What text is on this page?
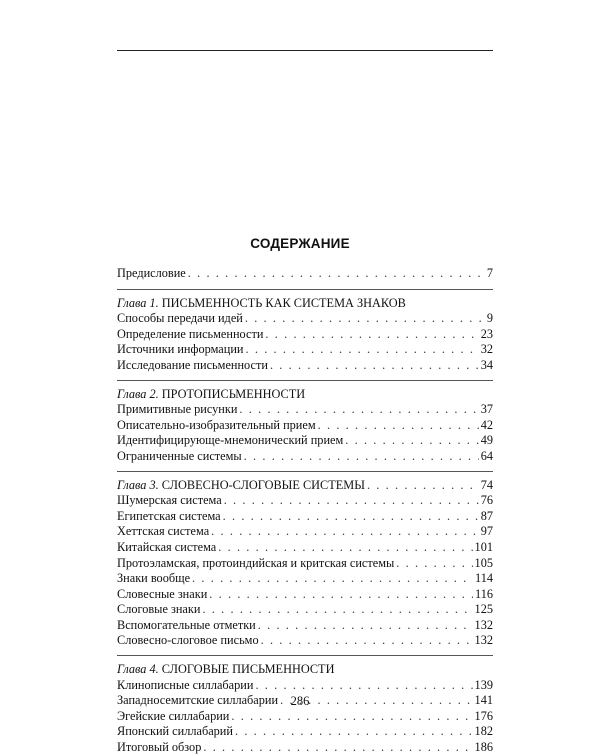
СОДЕРЖАНИЕ
Предисловие . . .	7
Глава 1. ПИСЬМЕННОСТЬ КАК СИСТЕМА ЗНАКОВ
Способы передачи идей . . .	9
Определение письменности . . .	23
Источники информации . . .	32
Исследование письменности . . .	34
Глава 2. ПРОТОПИСЬМЕННОСТИ
Примитивные рисунки . . .	37
Описательно-изобразительный прием . . .	42
Идентифицирующе-мнемонический прием . . .	49
Ограниченные системы . . .	64
Глава 3. СЛОВЕСНО-СЛОГОВЫЕ СИСТЕМЫ . . .	74
Шумерская система . . .	76
Египетская система . . .	87
Хеттская система . . .	97
Китайская система . . .	101
Протоэламская, протоиндийская и критская системы . . .	105
Знаки вообще . . .	114
Словесные знаки . . .	116
Слоговые знаки . . .	125
Вспомогательные отметки . . .	132
Словесно-слоговое письмо . . .	132
Глава 4. СЛОГОВЫЕ ПИСЬМЕННОСТИ
Клинописные силлабарии . . .	139
Западносемитские силлабарии . . .	141
Эгейские силлабарии . . .	176
Японский силлабарий . . .	182
Итоговый обзор . . .	186
286
